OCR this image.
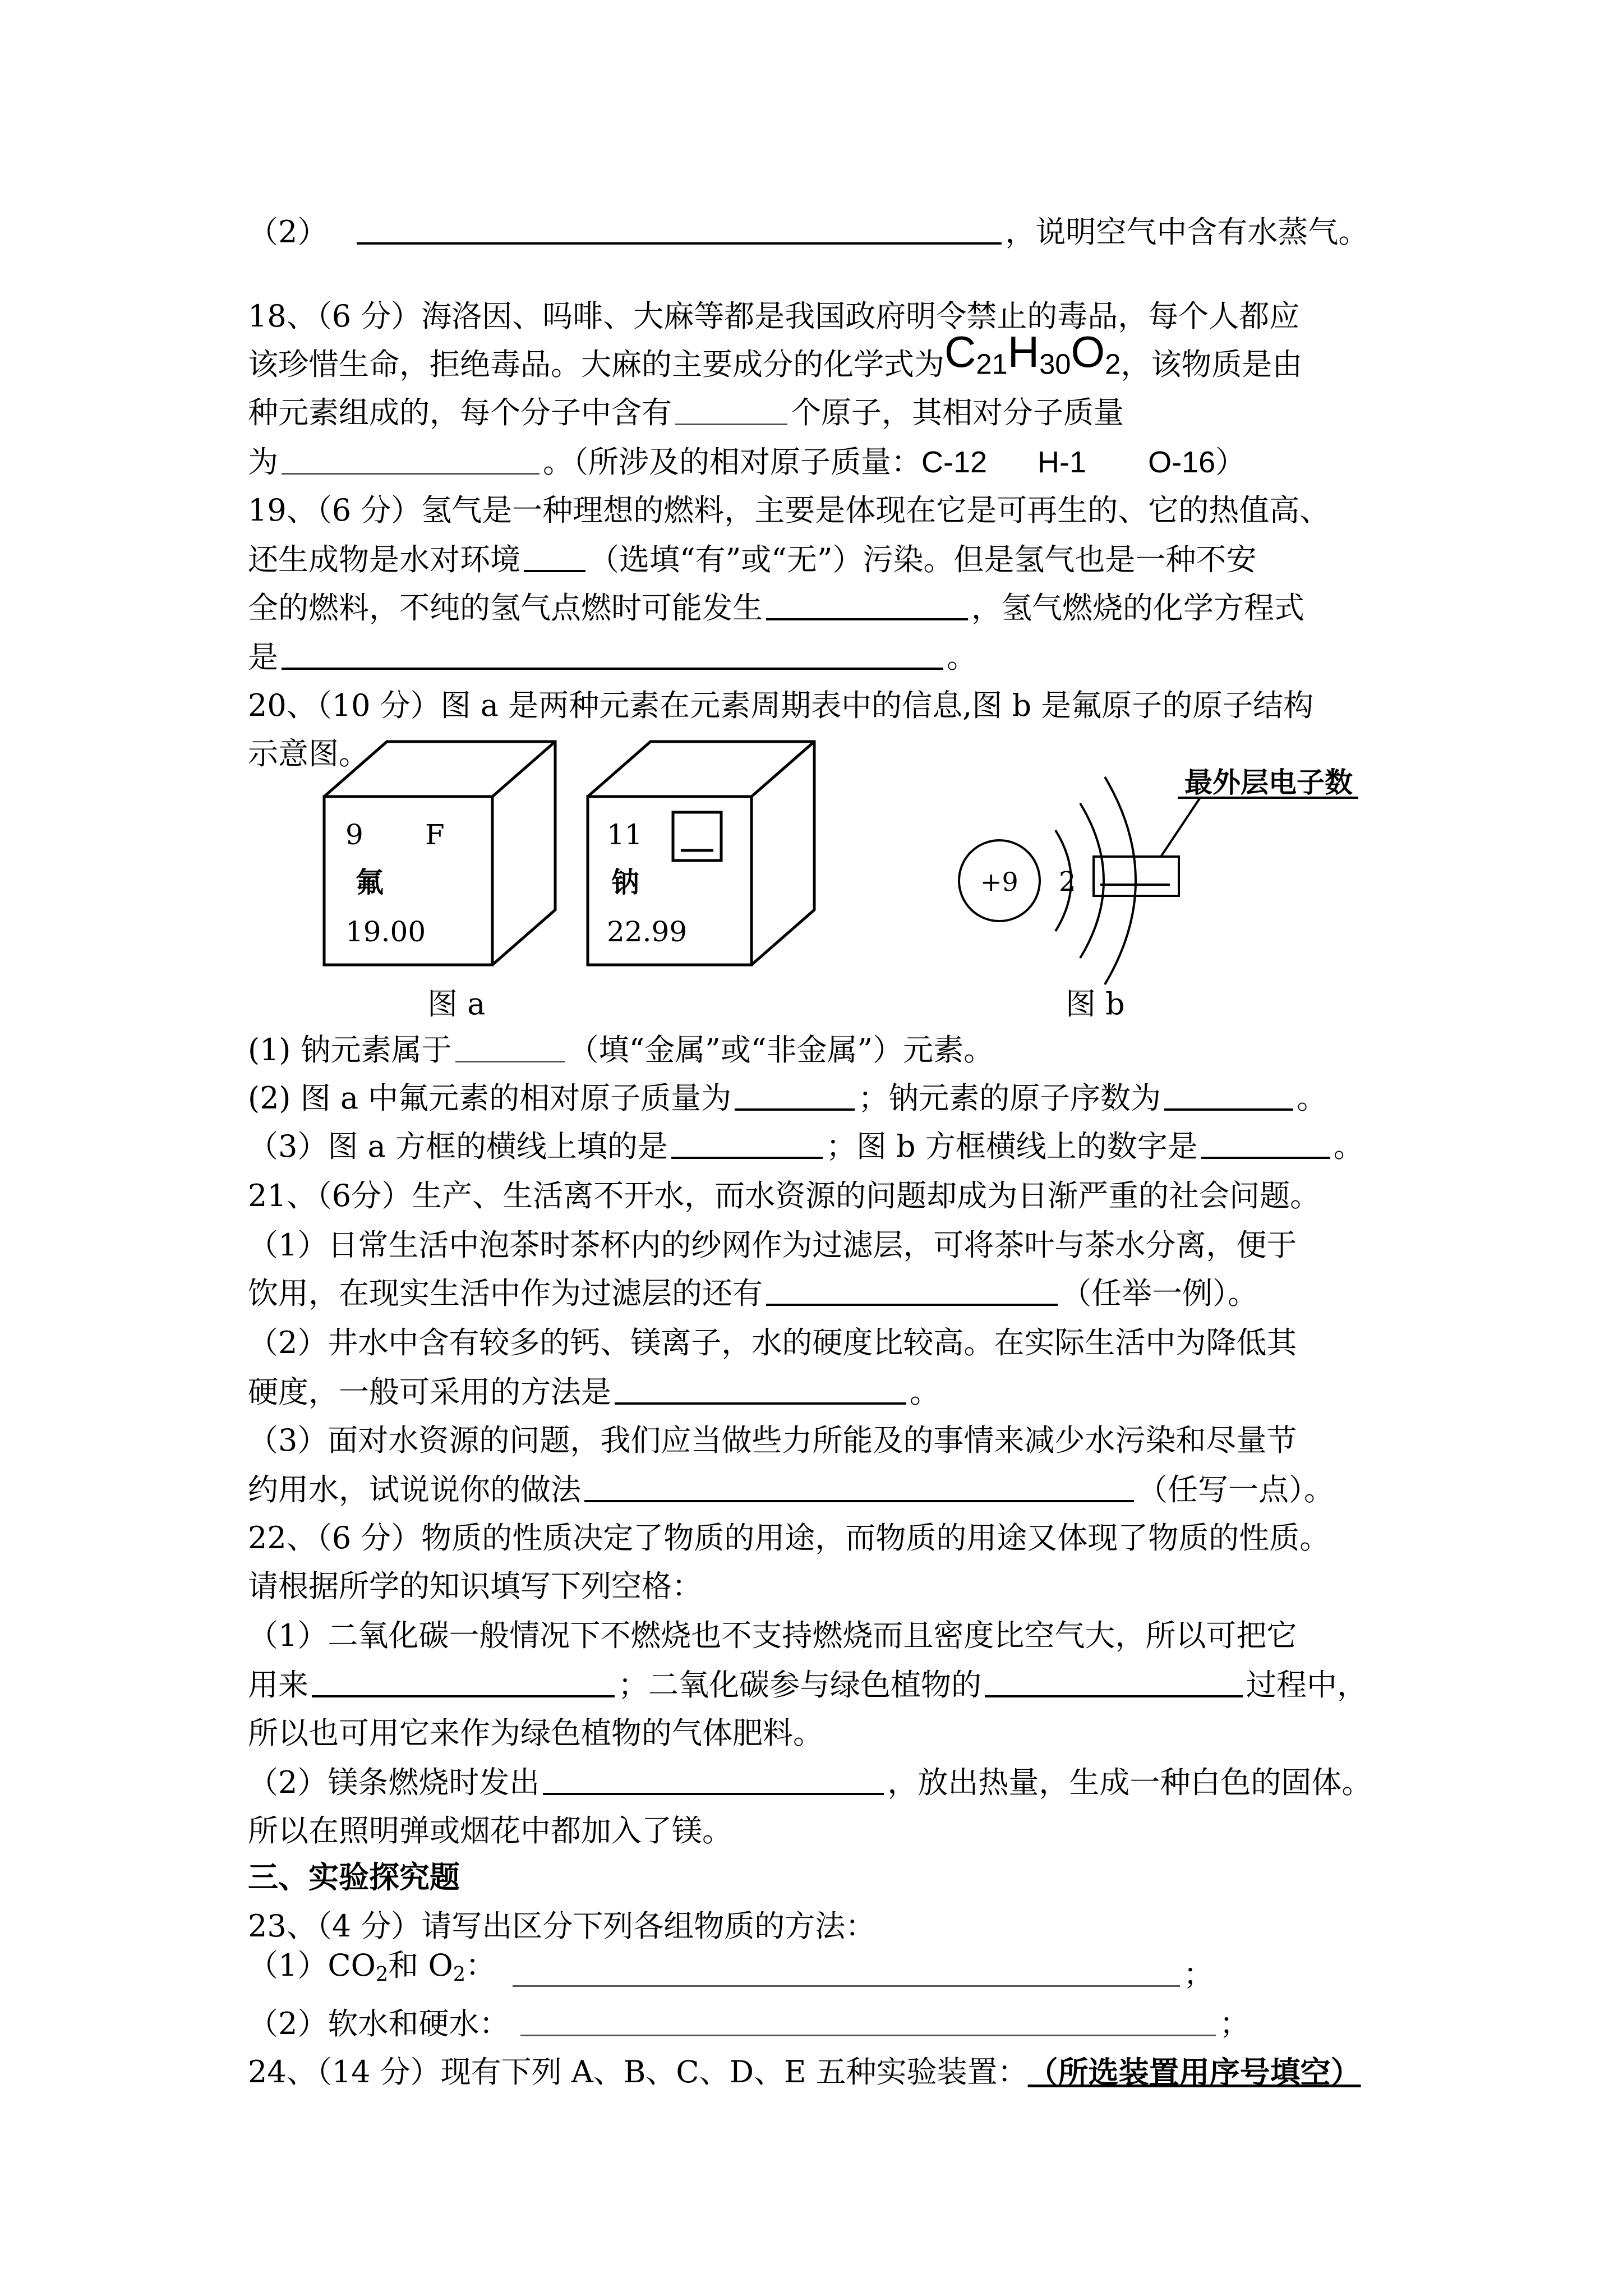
（2）	，说明空气中含有水蒸气。
18、（6 分）海洛因、吗啡、大麻等都是我国政府明令禁止的毒品，每个人都应
该珍惜生命，拒绝毒品。大麻的主要成分的化学式为 $C_{21}H_{30}O_2$ ，该物质是由
种元素组成的，每个分子中含有	个原子，其相对分子质量
为	。（所涉及的相对原子质量： C-12 H-1 O-16 ）
19、（6 分）氢气是一种理想的燃料，主要是体现在它是可再生的、它的热值高、
还生成物是水对环境 （选填“有”或“无”）污染。但是氢气也是一种不安
全的燃料，不纯的氢气点燃时可能发生	，氢气燃烧的化学方程式
是	。
20、（10 分）图 a 是两种元素在元素周期表中的信息,图 b 是氟原子的原子结构
示意图。
9 F
氟
19.00
11
钠
22.99
+9 2
最外层电子数
图 a	图 b
(1) 钠元素属于	（填“金属”或“非金属”）元素。
(2) 图 a 中氟元素的相对原子质量为	；钠元素的原子序数为	。
（3）图 a 方框的横线上填的是	；图 b 方框横线上的数字是	。
21、（6分）生产、生活离不开水，而水资源的问题却成为日渐严重的社会问题。
（1）日常生活中泡茶时茶杯内的纱网作为过滤层，可将茶叶与茶水分离，便于
饮用，在现实生活中作为过滤层的还有	（任举一例）。
（2）井水中含有较多的钙、镁离子，水的硬度比较高。在实际生活中为降低其
硬度，一般可采用的方法是	。
（3）面对水资源的问题，我们应当做些力所能及的事情来减少水污染和尽量节
约用水，试说说你的做法	（任写一点）。
22、（6 分）物质的性质决定了物质的用途，而物质的用途又体现了物质的性质。
请根据所学的知识填写下列空格：
（1）二氧化碳一般情况下不燃烧也不支持燃烧而且密度比空气大，所以可把它
用来	；二氧化碳参与绿色植物的	过程中，
所以也可用它来作为绿色植物的气体肥料。
（2）镁条燃烧时发出	，放出热量，生成一种白色的固体。
所以在照明弹或烟花中都加入了镁。
三、实验探究题
23、（4 分）请写出区分下列各组物质的方法：
$(1)CO_2$和 $O_2$：	；
（2）软水和硬水：	；
24、（14 分）现有下列 A、B、C、D、E 五种实验装置： （所选装置用序号填空）
